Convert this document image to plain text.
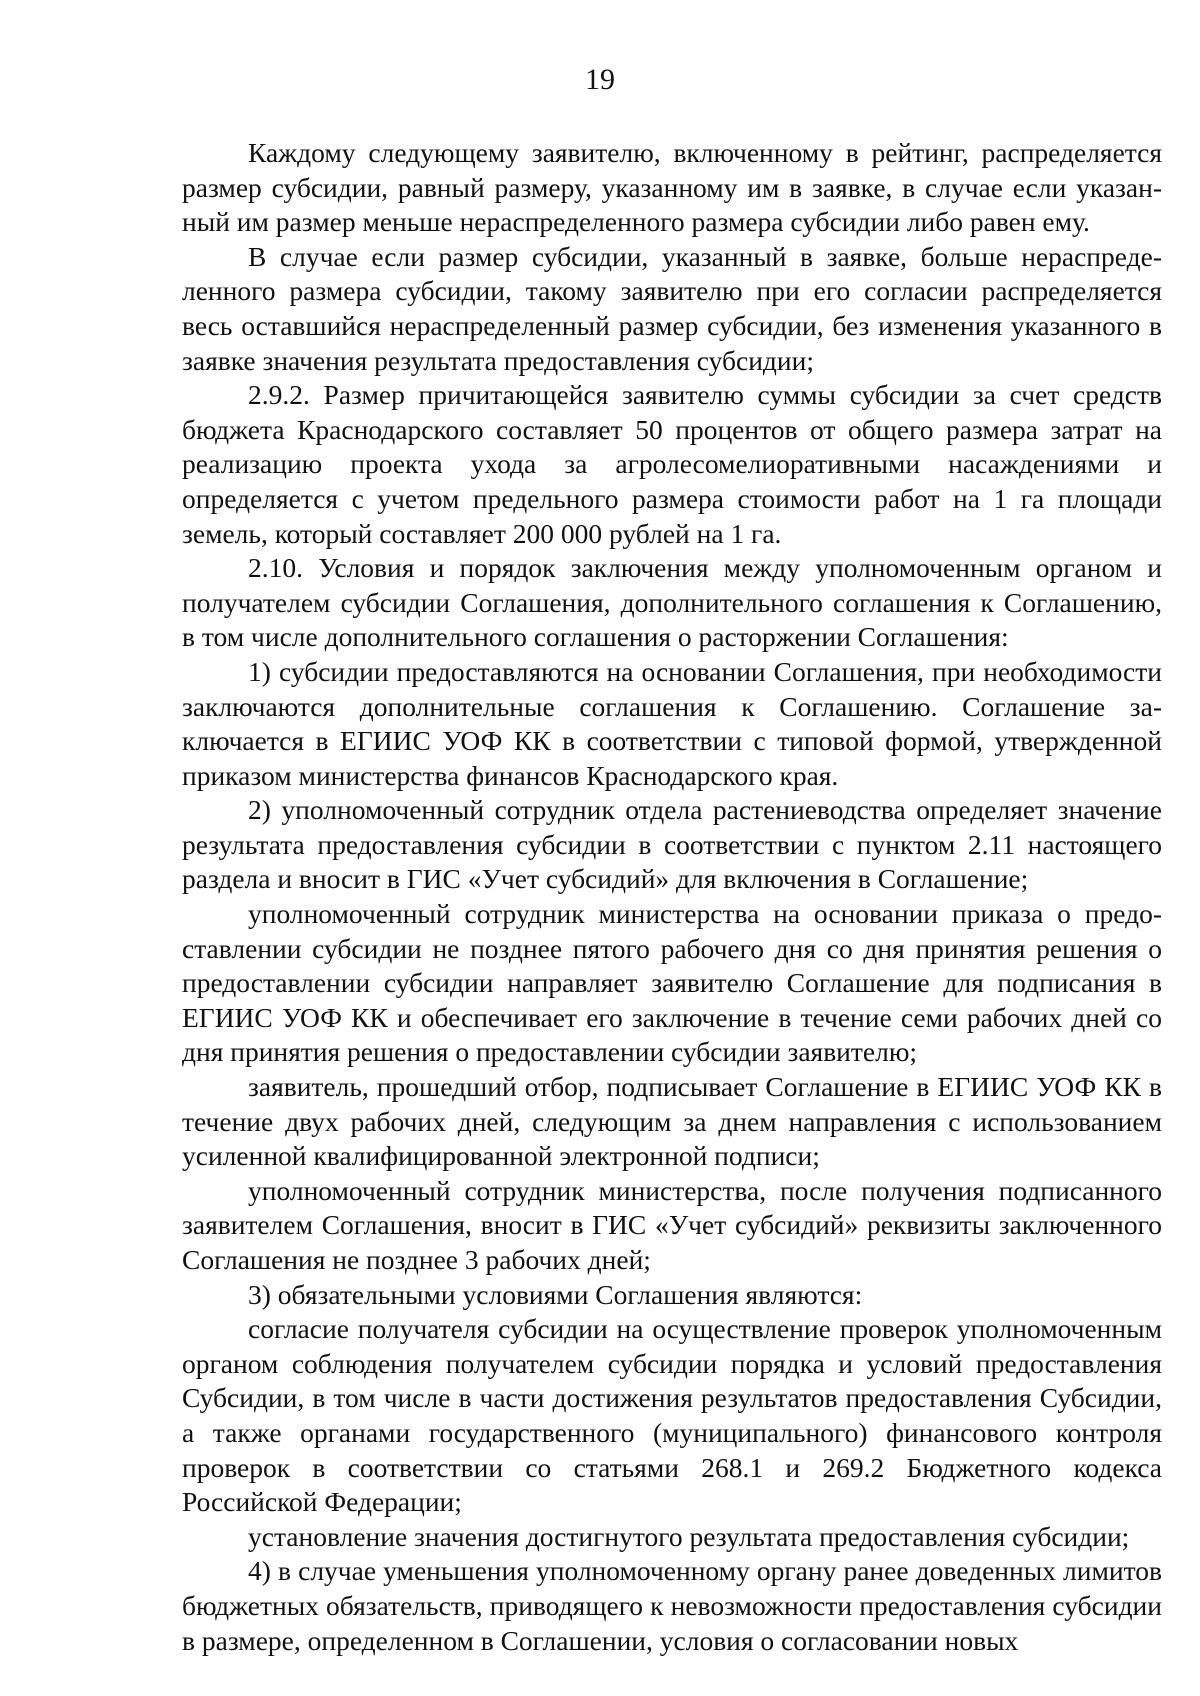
19

Каждому следующему заявителю, включенному в рейтинг, распределяется размер субсидии, равный размеру, указанному им в заявке, в случае если указанный им размер меньше нераспределенного размера субсидии либо равен ему.

В случае если размер субсидии, указанный в заявке, больше нераспределенного размера субсидии, такому заявителю при его согласии распределяется весь оставшийся нераспределенный размер субсидии, без изменения указанного в заявке значения результата предоставления субсидии;

2.9.2. Размер причитающейся заявителю суммы субсидии за счет средств бюджета Краснодарского составляет 50 процентов от общего размера затрат на реализацию проекта ухода за агролесомелиоративными насаждениями и определяется с учетом предельного размера стоимости работ на 1 га площади земель, который составляет 200 000 рублей на 1 га.

2.10. Условия и порядок заключения между уполномоченным органом и получателем субсидии Соглашения, дополнительного соглашения к Соглашению, в том числе дополнительного соглашения о расторжении Соглашения:

1) субсидии предоставляются на основании Соглашения, при необходимости заключаются дополнительные соглашения к Соглашению. Соглашение заключается в ЕГИИС УОФ КК в соответствии с типовой формой, утвержденной приказом министерства финансов Краснодарского края.

2) уполномоченный сотрудник отдела растениеводства определяет значение результата предоставления субсидии в соответствии с пунктом 2.11 настоящего раздела и вносит в ГИС «Учет субсидий» для включения в Соглашение;

уполномоченный сотрудник министерства на основании приказа о предоставлении субсидии не позднее пятого рабочего дня со дня принятия решения о предоставлении субсидии направляет заявителю Соглашение для подписания в ЕГИИС УОФ КК и обеспечивает его заключение в течение семи рабочих дней со дня принятия решения о предоставлении субсидии заявителю;

заявитель, прошедший отбор, подписывает Соглашение в ЕГИИС УОФ КК в течение двух рабочих дней, следующим за днем направления с использованием усиленной квалифицированной электронной подписи;

уполномоченный сотрудник министерства, после получения подписанного заявителем Соглашения, вносит в ГИС «Учет субсидий» реквизиты заключенного Соглашения не позднее 3 рабочих дней;

3) обязательными условиями Соглашения являются:

согласие получателя субсидии на осуществление проверок уполномоченным органом соблюдения получателем субсидии порядка и условий предоставления Субсидии, в том числе в части достижения результатов предоставления Субсидии, а также органами государственного (муниципального) финансового контроля проверок в соответствии со статьями 268.1 и 269.2 Бюджетного кодекса Российской Федерации;

установление значения достигнутого результата предоставления субсидии;

4) в случае уменьшения уполномоченному органу ранее доведенных лимитов бюджетных обязательств, приводящего к невозможности предоставления субсидии в размере, определенном в Соглашении, условия о согласовании новых
